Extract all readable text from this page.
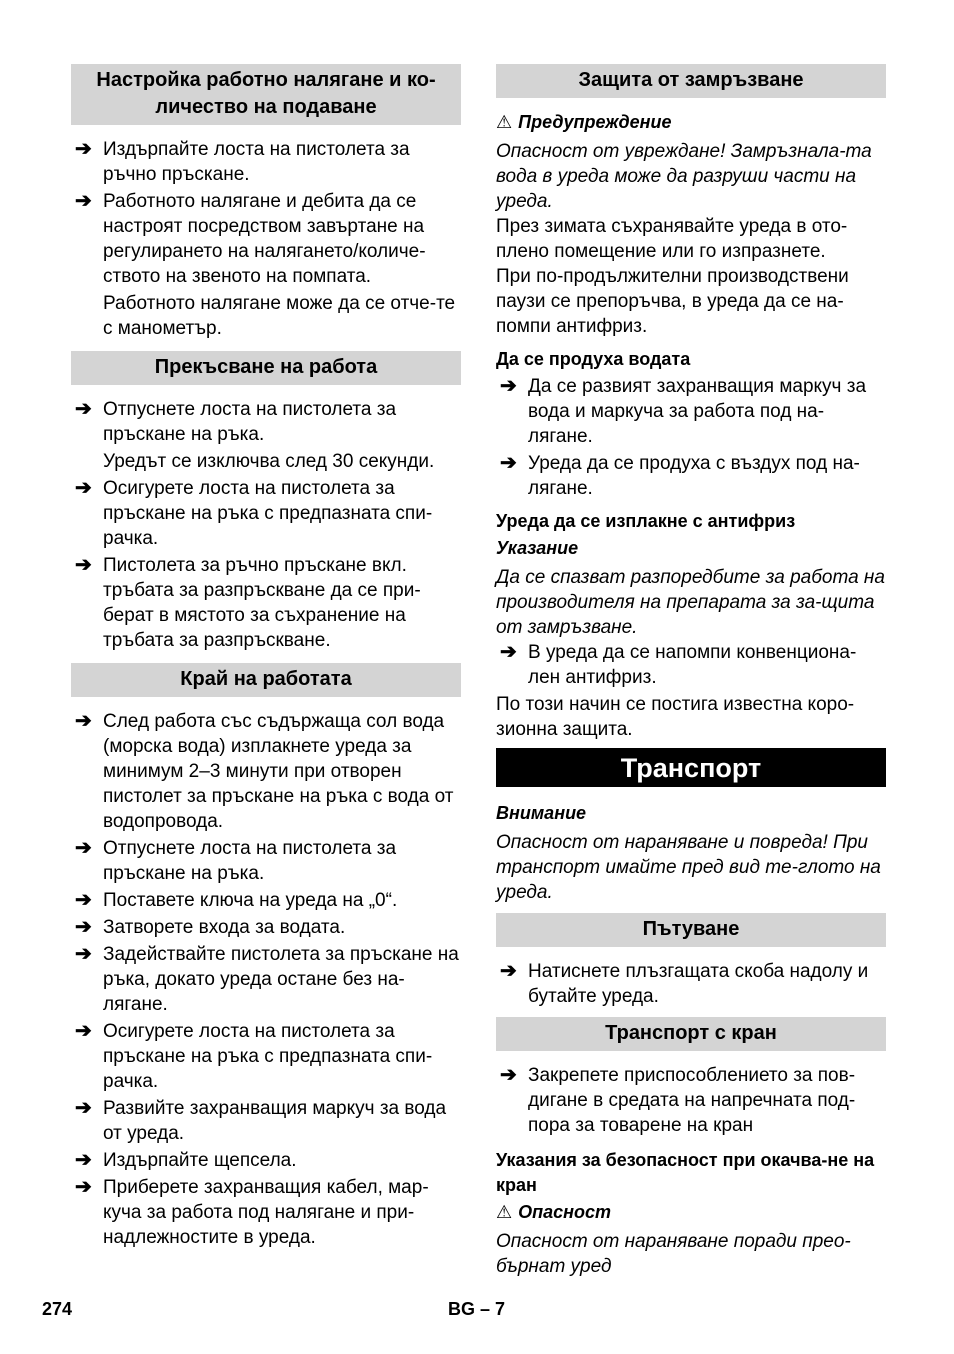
Настройка работно налягане и ко-личество на подаване
➔ Издърпайте лоста на пистолета за ръчно пръскане.
➔ Работното налягане и дебита да се настроят посредством завъртане на регулирането на налягането/количе-ството на звеното на помпата.
Работното налягане може да се отче-те с манометър.
Прекъсване на работа
➔ Отпуснете лоста на пистолета за пръскане на ръка.
Уредът се изключва след 30 секунди.
➔ Осигурете лоста на пистолета за пръскане на ръка с предпазната спи-рачка.
➔ Пистолета за ръчно пръскане вкл. тръбата за разпръскване да се при-берат в мястото за съхранение на тръбата за разпръскване.
Край на работата
➔ След работа със съдържаща сол вода (морска вода) изплакнете уреда за минимум 2–3 минути при отворен пистолет за пръскане на ръка с вода от водопровода.
➔ Отпуснете лоста на пистолета за пръскане на ръка.
➔ Поставете ключа на уреда на „0“.
➔ Затворете входа за водата.
➔ Задействайте пистолета за пръскане на ръка, докато уреда остане без на-лягане.
➔ Осигурете лоста на пистолета за пръскане на ръка с предпазната спи-рачка.
➔ Развийте захранващия маркуч за вода от уреда.
➔ Издърпайте щепсела.
➔ Приберете захранващия кабел, мар-куча за работа под налягане и при-надлежностите в уреда.
Защита от замръзване
⚠ Предупреждение
Опасност от увреждане! Замръзнала-та вода в уреда може да разруши части на уреда.
През зимата съхранявайте уреда в ото-плено помещение или го изпразнете.
При по-продължителни производствени паузи се препоръчва, в уреда да се на-помпи антифриз.
Да се продуха водата
➔ Да се развият захранващия маркуч за вода и маркуча за работа под на-лягане.
➔ Уреда да се продуха с въздух под на-лягане.
Уреда да се изплакне с антифриз
Указание
Да се спазват разпоредбите за работа на производителя на препарата за за-щита от замръзване.
➔ В уреда да се напомпи конвенциона-лен антифриз.
По този начин се постига известна коро-зионна защита.
Транспорт
Внимание
Опасност от нараняване и повреда! При транспорт имайте пред вид те-глото на уреда.
Пътуване
➔ Натиснете плъзгащата скоба надолу и бутайте уреда.
Транспорт с кран
➔ Закрепете приспособлението за пов-дигане в средата на напречната под-пора за товарене на кран
Указания за безопасност при окачва-не на кран
⚠ Опасност
Опасност от нараняване поради прео-бърнат уред
274	BG – 7
